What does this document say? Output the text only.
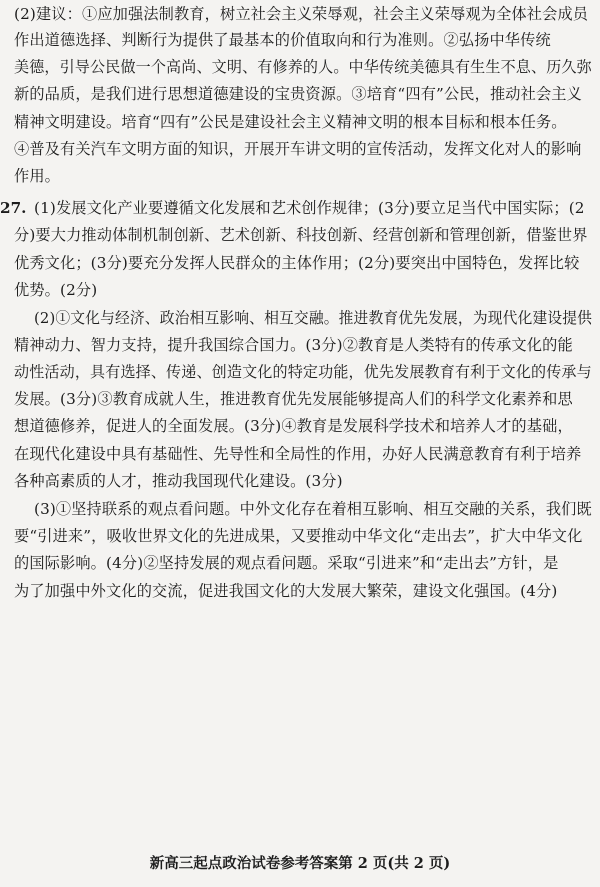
(2)建议：①应加强法制教育，树立社会主义荣辱观，社会主义荣辱观为全体社会成员
作出道德选择、判断行为提供了最基本的价值取向和行为准则。②弘扬中华传统
美德，引导公民做一个高尚、文明、有修养的人。中华传统美德具有生生不息、历久弥
新的品质，是我们进行思想道德建设的宝贵资源。③培育“四有”公民，推动社会主义
精神文明建设。培育“四有”公民是建设社会主义精神文明的根本目标和根本任务。
④普及有关汽车文明方面的知识，开展开车讲文明的宣传活动，发挥文化对人的影响
作用。
27. (1)发展文化产业要遵循文化发展和艺术创作规律；(3分)要立足当代中国实际；(2
分)要大力推动体制机制创新、艺术创新、科技创新、经营创新和管理创新，借鉴世界
优秀文化；(3分)要充分发挥人民群众的主体作用；(2分)要突出中国特色，发挥比较
优势。(2分)
(2)①文化与经济、政治相互影响、相互交融。推进教育优先发展，为现代化建设提供
精神动力、智力支持，提升我国综合国力。(3分)②教育是人类特有的传承文化的能
动性活动，具有选择、传递、创造文化的特定功能，优先发展教育有利于文化的传承与
发展。(3分)③教育成就人生，推进教育优先发展能够提高人们的科学文化素养和思
想道德修养，促进人的全面发展。(3分)④教育是发展科学技术和培养人才的基础，
在现代化建设中具有基础性、先导性和全局性的作用，办好人民满意教育有利于培养
各种高素质的人才，推动我国现代化建设。(3分)
(3)①坚持联系的观点看问题。中外文化存在着相互影响、相互交融的关系，我们既
要“引进来”，吸收世界文化的先进成果，又要推动中华文化“走出去”，扩大中华文化
的国际影响。(4分)②坚持发展的观点看问题。采取“引进来”和“走出去”方针，是
为了加强中外文化的交流，促进我国文化的大发展大繁荣，建设文化强国。(4分)
新高三起点政治试卷参考答案第 2 页(共 2 页)
